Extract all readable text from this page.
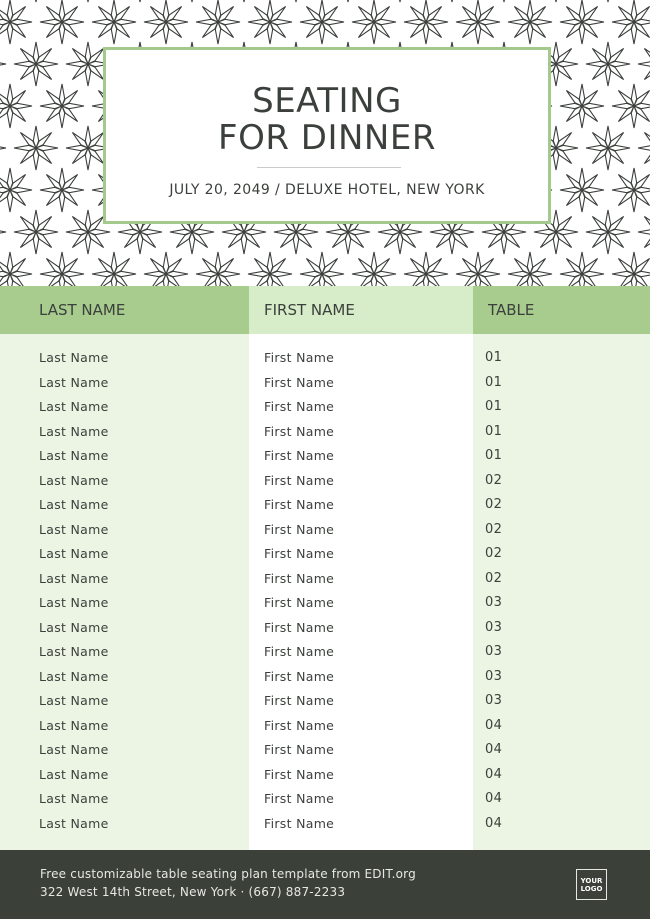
SEATING
FOR DINNER
JULY 20, 2049 / DELUXE HOTEL, NEW YORK
LAST NAME	FIRST NAME	TABLE
Last Name	First Name	01
Last Name	First Name	01
Last Name	First Name	01
Last Name	First Name	01
Last Name	First Name	01
Last Name	First Name	02
Last Name	First Name	02
Last Name	First Name	02
Last Name	First Name	02
Last Name	First Name	02
Last Name	First Name	03
Last Name	First Name	03
Last Name	First Name	03
Last Name	First Name	03
Last Name	First Name	03
Last Name	First Name	04
Last Name	First Name	04
Last Name	First Name	04
Last Name	First Name	04
Last Name	First Name	04
Free customizable table seating plan template from EDIT.org
322 West 14th Street, New York · (667) 887-2233
YOUR
LOGO
